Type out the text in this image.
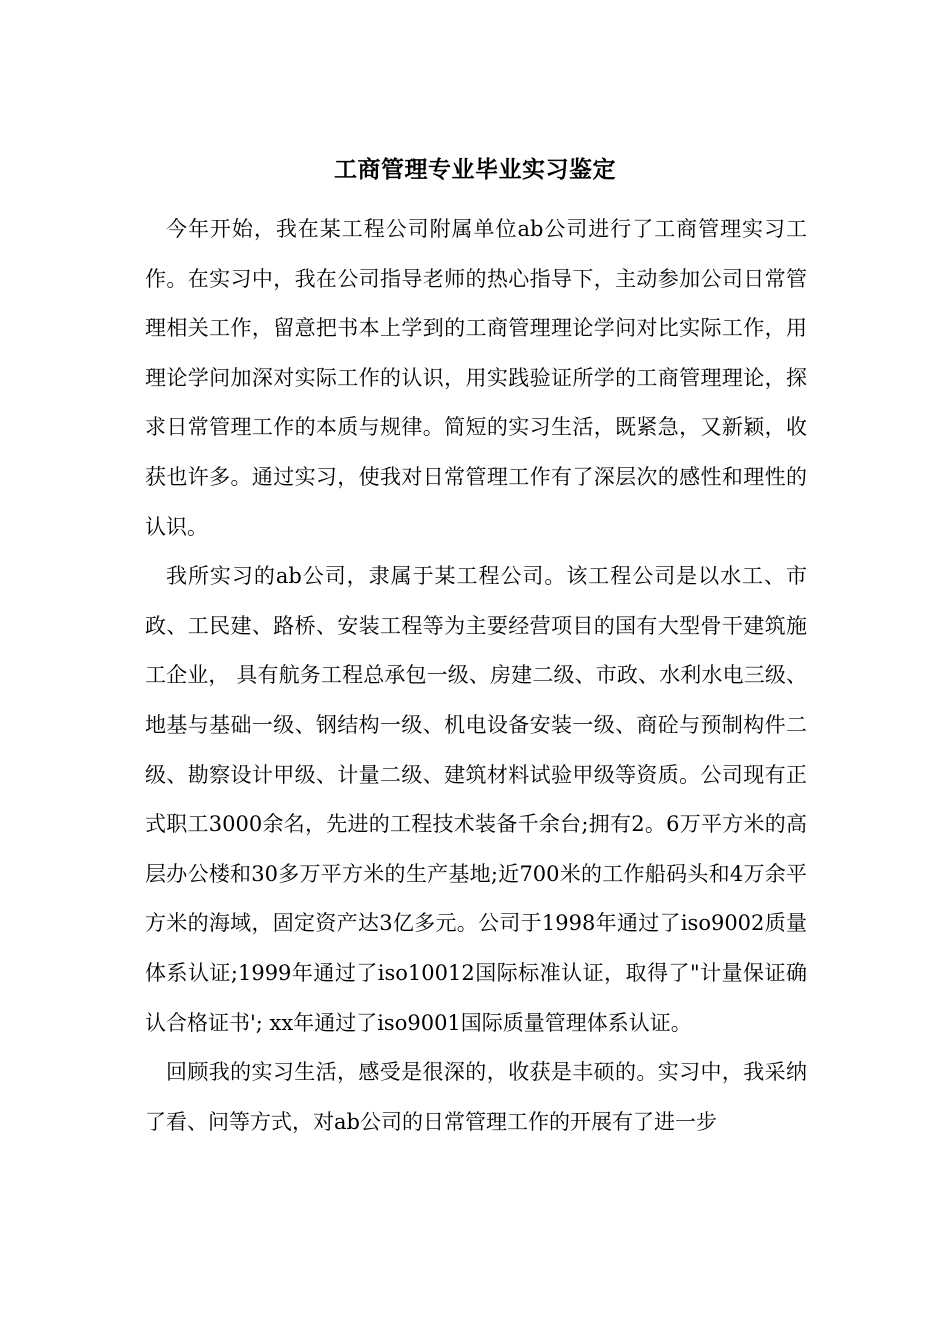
工商管理专业毕业实习鉴定

今年开始，我在某工程公司附属单位ab公司进行了工商管理实习工作。在实习中，我在公司指导老师的热心指导下，主动参加公司日常管理相关工作，留意把书本上学到的工商管理理论学问对比实际工作，用理论学问加深对实际工作的认识，用实践验证所学的工商管理理论，探求日常管理工作的本质与规律。简短的实习生活，既紧急，又新颖，收获也许多。通过实习，使我对日常管理工作有了深层次的感性和理性的认识。

我所实习的ab公司，隶属于某工程公司。该工程公司是以水工、市政、工民建、路桥、安装工程等为主要经营项目的国有大型骨干建筑施工企业， 具有航务工程总承包一级、房建二级、市政、水利水电三级、地基与基础一级、钢结构一级、机电设备安装一级、商砼与预制构件二级、勘察设计甲级、计量二级、建筑材料试验甲级等资质。公司现有正式职工3000余名，先进的工程技术装备千余台;拥有2。6万平方米的高层办公楼和30多万平方米的生产基地;近700米的工作船码头和4万余平方米的海域，固定资产达3亿多元。公司于1998年通过了iso9002质量体系认证;1999年通过了iso10012国际标准认证，取得了"计量保证确认合格证书'; xx年通过了iso9001国际质量管理体系认证。

回顾我的实习生活，感受是很深的，收获是丰硕的。实习中，我采纳了看、问等方式，对ab公司的日常管理工作的开展有了进一步
